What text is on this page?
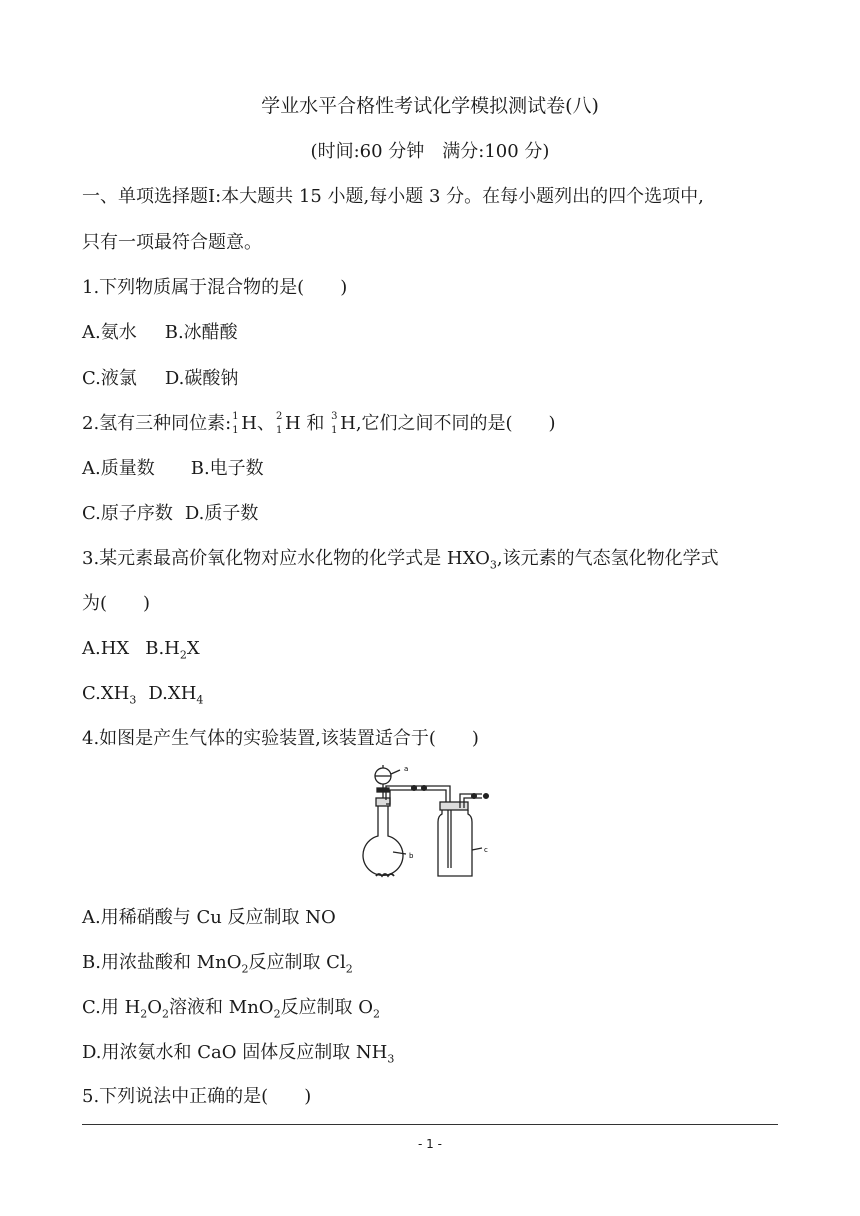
学业水平合格性考试化学模拟测试卷(八)
(时间:60 分钟　满分:100 分)
一、单项选择题Ⅰ:本大题共 15 小题,每小题 3 分。在每小题列出的四个选项中,
只有一项最符合题意。
1.下列物质属于混合物的是(　　)
A.氨水 B.冰醋酸
C.液氯 D.碳酸钠
2.氢有三种同位素: 1
1 H、 2
1 H 和 3
1 H,它们之间不同的是(　　)
A.质量数 B.电子数
C.原子序数 D.质子数
3.某元素最高价氧化物对应水化物的化学式是 $HXO_3$,该元素的气态氢化物化学式
为(　　)
A.HX $B.H_2X$
$C.XH_3$ $D.XH_4$
4.如图是产生气体的实验装置,该装置适合于(　　)
a
b
c
A.用稀硝酸与 Cu 反应制取 NO
B.用浓盐酸和 MnO$_2$反应制取 $Cl_2$
C.用 $H_2O_2$溶液和 MnO$_2$反应制取 $O_2$
D.用浓氨水和 CaO 固体反应制取 $NH_3$
5.下列说法中正确的是(　　)
- 1 -
